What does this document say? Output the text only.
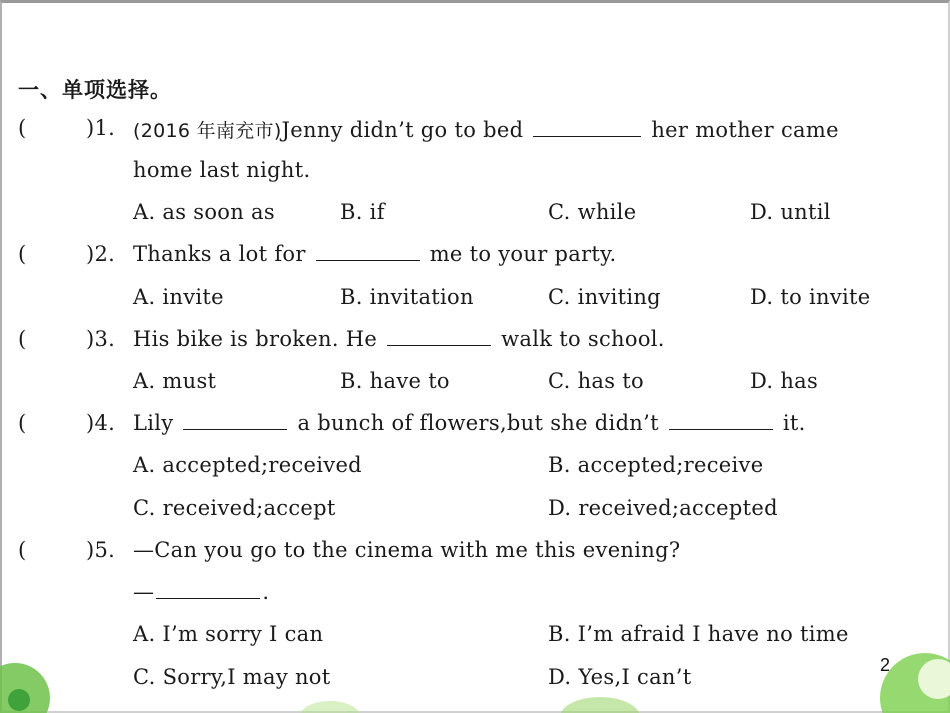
一、单项选择。
(	)1. (2016 年南充市)Jenny didn’t go to bed	her mother came
home last night.
A. as soon as	B. if	C. while	D. until
(	)2. Thanks a lot for	me to your party.
A. invite	B. invitation	C. inviting	D. to invite
(	)3. His bike is broken. He	walk to school.
A. must	B. have to	C. has to	D. has
(	)4. Lily	a bunch of flowers,but she didn’t	it.
A. accepted;received	B. accepted;receive
C. received;accept	D. received;accepted
(	)5. —Can you go to the cinema with me this evening?
—	.
A. I’m sorry I can	B. I’m afraid I have no time
C. Sorry,I may not	D. Yes,I can’t	2
